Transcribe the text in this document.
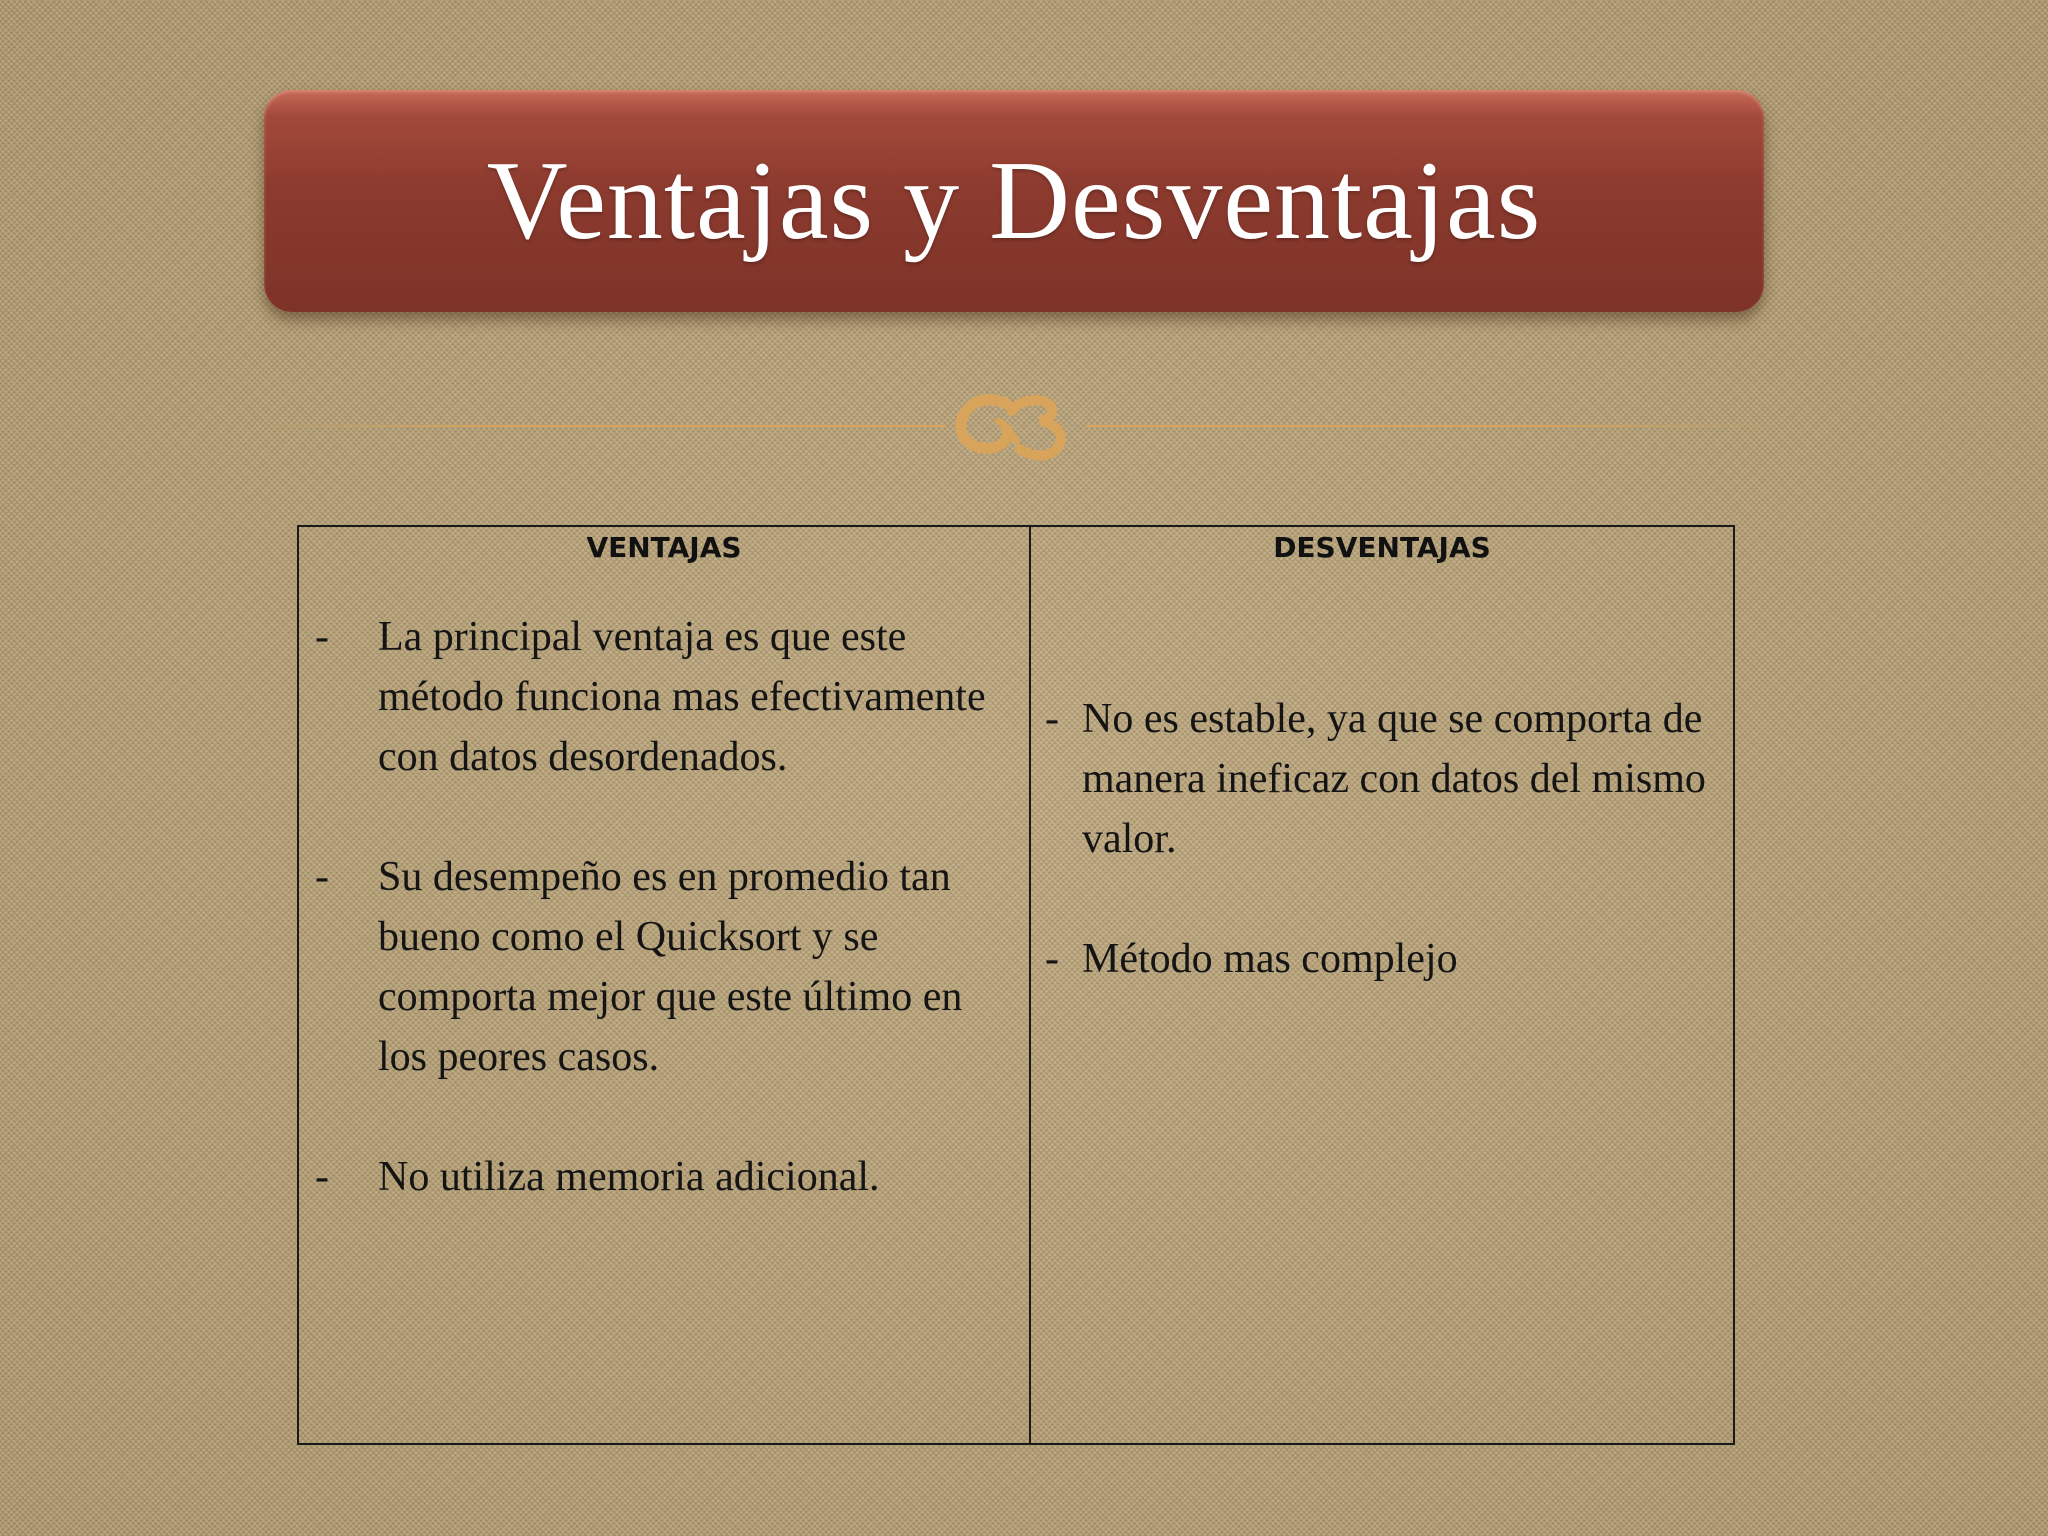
Ventajas y Desventajas
VENTAJAS
- La principal ventaja es que este método funciona mas efectivamente con datos desordenados.
- Su desempeño es en promedio tan bueno como el Quicksort y se comporta mejor que este último en los peores casos.
- No utiliza memoria adicional.
DESVENTAJAS
- No es estable, ya que se comporta de manera ineficaz con datos del mismo valor.
- Método mas complejo
